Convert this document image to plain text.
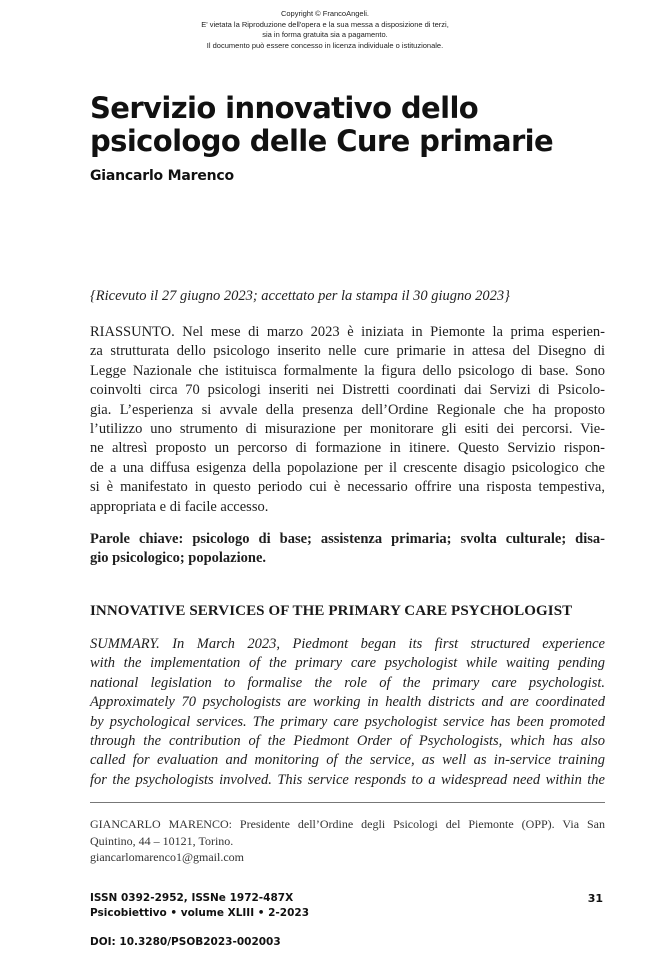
Copyright © FrancoAngeli.
E' vietata la Riproduzione dell'opera e la sua messa a disposizione di terzi,
sia in forma gratuita sia a pagamento.
Il documento può essere concesso in licenza individuale o istituzionale.
Servizio innovativo dello
psicologo delle Cure primarie
Giancarlo Marenco
{Ricevuto il 27 giugno 2023; accettato per la stampa il 30 giugno 2023}
RIASSUNTO. Nel mese di marzo 2023 è iniziata in Piemonte la prima esperien-
za strutturata dello psicologo inserito nelle cure primarie in attesa del Disegno di
Legge Nazionale che istituisca formalmente la figura dello psicologo di base. Sono
coinvolti circa 70 psicologi inseriti nei Distretti coordinati dai Servizi di Psicolo-
gia. L’esperienza si avvale della presenza dell’Ordine Regionale che ha proposto
l’utilizzo uno strumento di misurazione per monitorare gli esiti dei percorsi. Vie-
ne altresì proposto un percorso di formazione in itinere. Questo Servizio rispon-
de a una diffusa esigenza della popolazione per il crescente disagio psicologico che
si è manifestato in questo periodo cui è necessario offrire una risposta tempestiva,
appropriata e di facile accesso.
Parole chiave: psicologo di base; assistenza primaria; svolta culturale; disa-
gio psicologico; popolazione.
INNOVATIVE SERVICES OF THE PRIMARY CARE PSYCHOLOGIST
SUMMARY. In March 2023, Piedmont began its first structured experience
with the implementation of the primary care psychologist while waiting pending
national legislation to formalise the role of the primary care psychologist.
Approximately 70 psychologists are working in health districts and are coordinated
by psychological services. The primary care psychologist service has been promoted
through the contribution of the Piedmont Order of Psychologists, which has also
called for evaluation and monitoring of the service, as well as in-service training
for the psychologists involved. This service responds to a widespread need within the
GIANCARLO MARENCO: Presidente dell’Ordine degli Psicologi del Piemonte (OPP). Via San
Quintino, 44 – 10121, Torino.
giancarlomarenco1@gmail.com
ISSN 0392-2952, ISSNe 1972-487X
Psicobiettivo • volume XLIII • 2-2023
31
DOI: 10.3280/PSOB2023-002003
